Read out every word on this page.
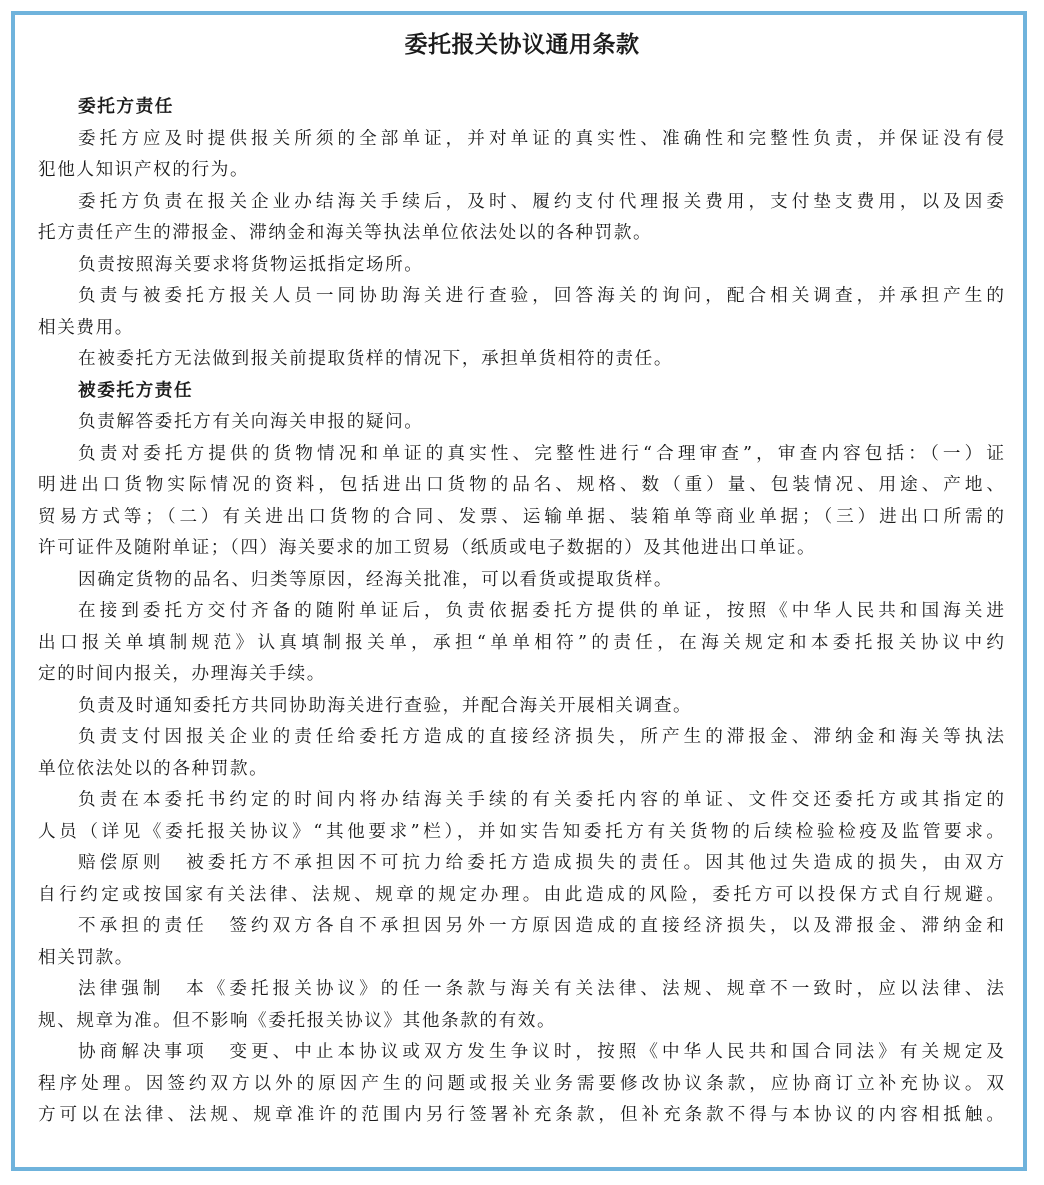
委托报关协议通用条款
委托方责任
委托方应及时提供报关所须的全部单证，并对单证的真实性、准确性和完整性负责，并保证没有侵
犯他人知识产权的行为。
委托方负责在报关企业办结海关手续后，及时、履约支付代理报关费用，支付垫支费用，以及因委
托方责任产生的滞报金、滞纳金和海关等执法单位依法处以的各种罚款。
负责按照海关要求将货物运抵指定场所。
负责与被委托方报关人员一同协助海关进行查验，回答海关的询问，配合相关调查，并承担产生的
相关费用。
在被委托方无法做到报关前提取货样的情况下，承担单货相符的责任。
被委托方责任
负责解答委托方有关向海关申报的疑问。
负责对委托方提供的货物情况和单证的真实性、完整性进行“合理审查”，审查内容包括：（一）证
明进出口货物实际情况的资料，包括进出口货物的品名、规格、数（重）量、包装情况、用途、产地、
贸易方式等；（二）有关进出口货物的合同、发票、运输单据、装箱单等商业单据；（三）进出口所需的
许可证件及随附单证；（四）海关要求的加工贸易（纸质或电子数据的）及其他进出口单证。
因确定货物的品名、归类等原因，经海关批准，可以看货或提取货样。
在接到委托方交付齐备的随附单证后，负责依据委托方提供的单证，按照《中华人民共和国海关进
出口报关单填制规范》认真填制报关单，承担“单单相符”的责任，在海关规定和本委托报关协议中约
定的时间内报关，办理海关手续。
负责及时通知委托方共同协助海关进行查验，并配合海关开展相关调查。
负责支付因报关企业的责任给委托方造成的直接经济损失，所产生的滞报金、滞纳金和海关等执法
单位依法处以的各种罚款。
负责在本委托书约定的时间内将办结海关手续的有关委托内容的单证、文件交还委托方或其指定的
人员（详见《委托报关协议》“其他要求”栏），并如实告知委托方有关货物的后续检验检疫及监管要求。
赔偿原则　被委托方不承担因不可抗力给委托方造成损失的责任。因其他过失造成的损失，由双方
自行约定或按国家有关法律、法规、规章的规定办理。由此造成的风险，委托方可以投保方式自行规避。
不承担的责任　签约双方各自不承担因另外一方原因造成的直接经济损失，以及滞报金、滞纳金和
相关罚款。
法律强制　本《委托报关协议》的任一条款与海关有关法律、法规、规章不一致时，应以法律、法
规、规章为准。但不影响《委托报关协议》其他条款的有效。
协商解决事项　变更、中止本协议或双方发生争议时，按照《中华人民共和国合同法》有关规定及
程序处理。因签约双方以外的原因产生的问题或报关业务需要修改协议条款，应协商订立补充协议。双
方可以在法律、法规、规章准许的范围内另行签署补充条款，但补充条款不得与本协议的内容相抵触。
